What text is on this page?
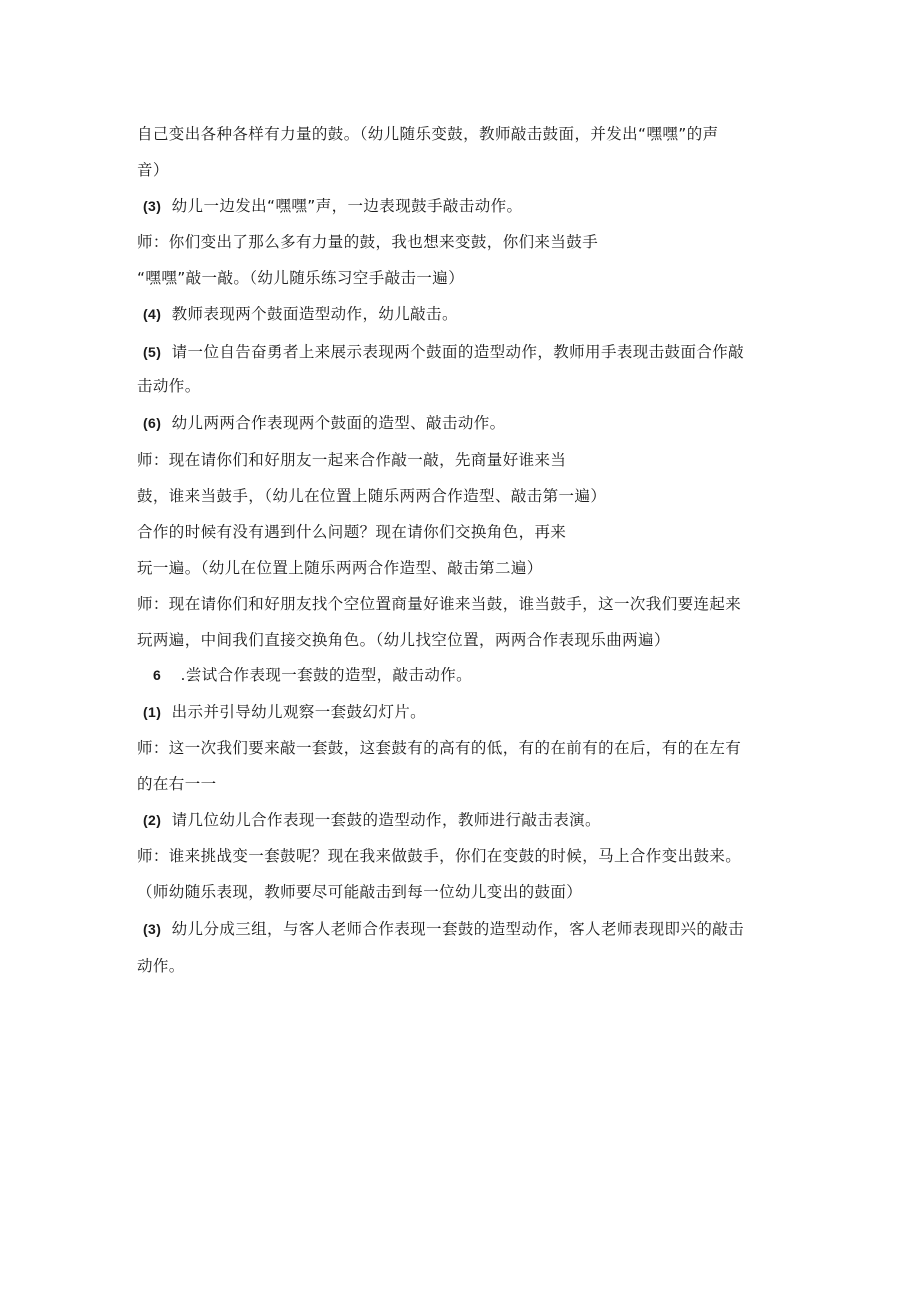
自己变出各种各样有力量的鼓。（幼儿随乐变鼓，教师敲击鼓面，并发出“嘿嘿”的声
音）
(3) 幼儿一边发出“嘿嘿”声，一边表现鼓手敲击动作。
师：你们变出了那么多有力量的鼓，我也想来变鼓，你们来当鼓手
“嘿嘿”敲一敲。（幼儿随乐练习空手敲击一遍）
(4) 教师表现两个鼓面造型动作，幼儿敲击。
(5) 请一位自告奋勇者上来展示表现两个鼓面的造型动作，教师用手表现击鼓面合作敲
击动作。
(6) 幼儿两两合作表现两个鼓面的造型、敲击动作。
师：现在请你们和好朋友一起来合作敲一敲，先商量好谁来当
鼓，谁来当鼓手，（幼儿在位置上随乐两两合作造型、敲击第一遍）
合作的时候有没有遇到什么问题？现在请你们交换角色，再来
玩一遍。（幼儿在位置上随乐两两合作造型、敲击第二遍）
师：现在请你们和好朋友找个空位置商量好谁来当鼓，谁当鼓手，这一次我们要连起来
玩两遍，中间我们直接交换角色。（幼儿找空位置，两两合作表现乐曲两遍）
6 .尝试合作表现一套鼓的造型，敲击动作。
(1) 出示并引导幼儿观察一套鼓幻灯片。
师：这一次我们要来敲一套鼓，这套鼓有的高有的低，有的在前有的在后，有的在左有
的在右一一
(2) 请几位幼儿合作表现一套鼓的造型动作，教师进行敲击表演。
师：谁来挑战变一套鼓呢？现在我来做鼓手，你们在变鼓的时候，马上合作变出鼓来。
（师幼随乐表现，教师要尽可能敲击到每一位幼儿变出的鼓面）
(3) 幼儿分成三组，与客人老师合作表现一套鼓的造型动作，客人老师表现即兴的敲击
动作。
